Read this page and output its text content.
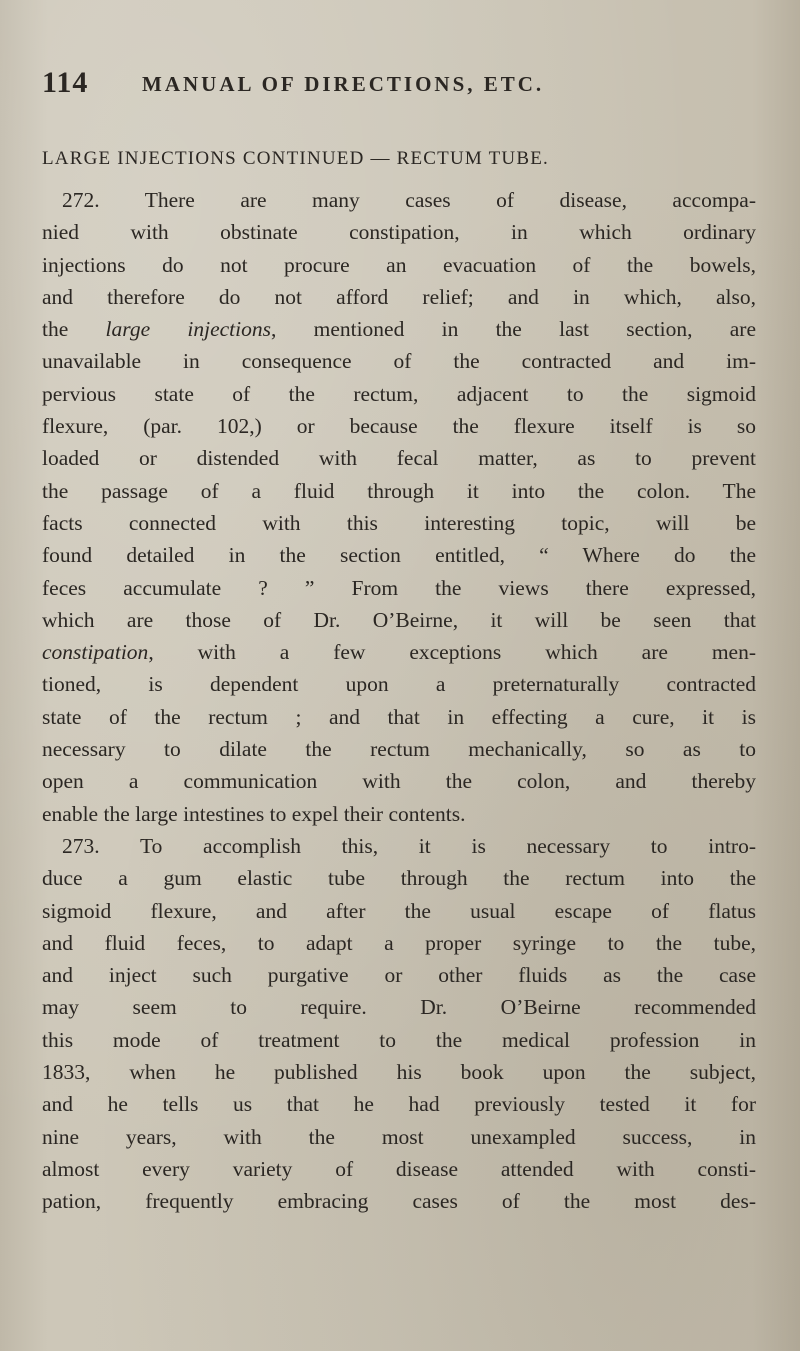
114	MANUAL OF DIRECTIONS, ETC.
LARGE INJECTIONS CONTINUED — RECTUM TUBE.
272. There are many cases of disease, accompa-
nied with obstinate constipation, in which ordinary
injections do not procure an evacuation of the bowels,
and therefore do not afford relief; and in which, also,
the large injections, mentioned in the last section, are
unavailable in consequence of the contracted and im-
pervious state of the rectum, adjacent to the sigmoid
flexure, (par. 102,) or because the flexure itself is so
loaded or distended with fecal matter, as to prevent
the passage of a fluid through it into the colon. The
facts connected with this interesting topic, will be
found detailed in the section entitled, “ Where do the
feces accumulate ? ” From the views there expressed,
which are those of Dr. O’Beirne, it will be seen that
constipation, with a few exceptions which are men-
tioned, is dependent upon a preternaturally contracted
state of the rectum ; and that in effecting a cure, it is
necessary to dilate the rectum mechanically, so as to
open a communication with the colon, and thereby
enable the large intestines to expel their contents.
273. To accomplish this, it is necessary to intro-
duce a gum elastic tube through the rectum into the
sigmoid flexure, and after the usual escape of flatus
and fluid feces, to adapt a proper syringe to the tube,
and inject such purgative or other fluids as the case
may seem to require. Dr. O’Beirne recommended
this mode of treatment to the medical profession in
1833, when he published his book upon the subject,
and he tells us that he had previously tested it for
nine years, with the most unexampled success, in
almost every variety of disease attended with consti-
pation, frequently embracing cases of the most des-
